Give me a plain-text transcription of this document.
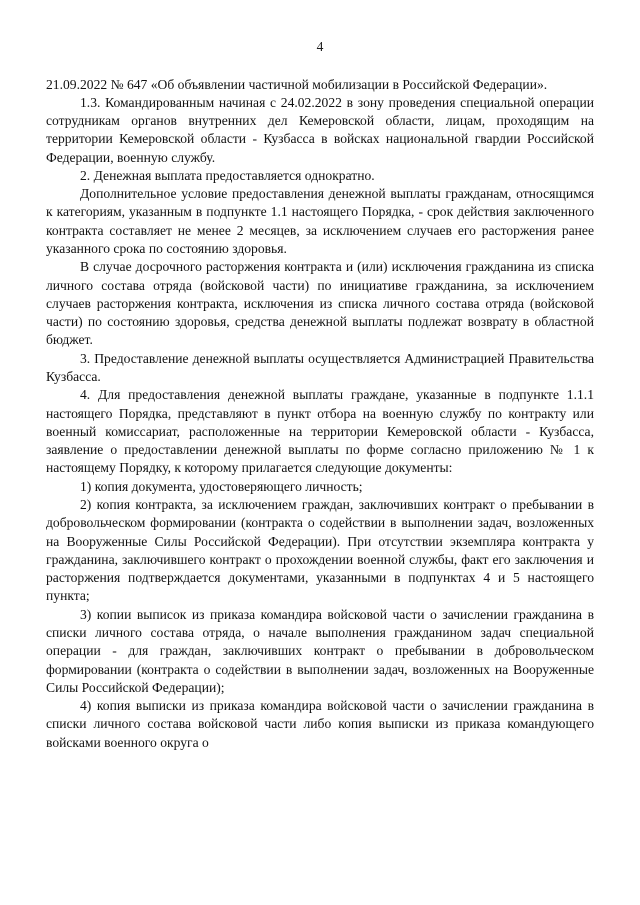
4

21.09.2022 № 647 «Об объявлении частичной мобилизации в Российской Федерации».

1.3. Командированным начиная с 24.02.2022 в зону проведения специальной операции сотрудникам органов внутренних дел Кемеровской области, лицам, проходящим на территории Кемеровской области - Кузбасса в войсках национальной гвардии Российской Федерации, военную службу.

2. Денежная выплата предоставляется однократно.

Дополнительное условие предоставления денежной выплаты гражданам, относящимся к категориям, указанным в подпункте 1.1 настоящего Порядка, - срок действия заключенного контракта составляет не менее 2 месяцев, за исключением случаев его расторжения ранее указанного срока по состоянию здоровья.

В случае досрочного расторжения контракта и (или) исключения гражданина из списка личного состава отряда (войсковой части) по инициативе гражданина, за исключением случаев расторжения контракта, исключения из списка личного состава отряда (войсковой части) по состоянию здоровья, средства денежной выплаты подлежат возврату в областной бюджет.

3. Предоставление денежной выплаты осуществляется Администрацией Правительства Кузбасса.

4. Для предоставления денежной выплаты граждане, указанные в подпункте 1.1.1 настоящего Порядка, представляют в пункт отбора на военную службу по контракту или военный комиссариат, расположенные на территории Кемеровской области - Кузбасса, заявление о предоставлении денежной выплаты по форме согласно приложению № 1 к настоящему Порядку, к которому прилагается следующие документы:

1) копия документа, удостоверяющего личность;

2) копия контракта, за исключением граждан, заключивших контракт о пребывании в добровольческом формировании (контракта о содействии в выполнении задач, возложенных на Вооруженные Силы Российской Федерации). При отсутствии экземпляра контракта у гражданина, заключившего контракт о прохождении военной службы, факт его заключения и расторжения подтверждается документами, указанными в подпунктах 4 и 5 настоящего пункта;

3) копии выписок из приказа командира войсковой части о зачислении гражданина в списки личного состава отряда, о начале выполнения гражданином задач специальной операции - для граждан, заключивших контракт о пребывании в добровольческом формировании (контракта о содействии в выполнении задач, возложенных на Вооруженные Силы Российской Федерации);

4) копия выписки из приказа командира войсковой части о зачислении гражданина в списки личного состава войсковой части либо копия выписки из приказа командующего войсками военного округа о
